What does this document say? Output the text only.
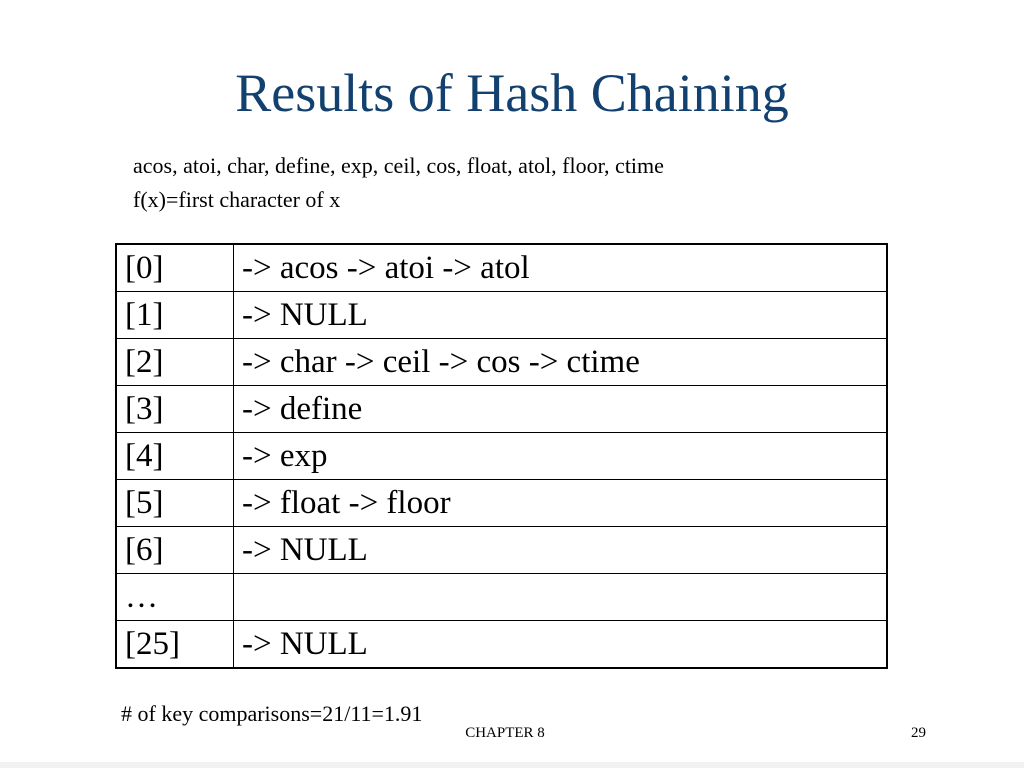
Results of Hash Chaining
acos, atoi, char, define, exp, ceil, cos, float, atol, floor, ctime
f(x)=first character of x
[0]	-> acos -> atoi -> atol
[1]	-> NULL
[2]	-> char -> ceil -> cos -> ctime
[3]	-> define
[4]	-> exp
[5]	-> float -> floor
[6]	-> NULL
…	
[25]	-> NULL
# of key comparisons=21/11=1.91
CHAPTER 8	29
